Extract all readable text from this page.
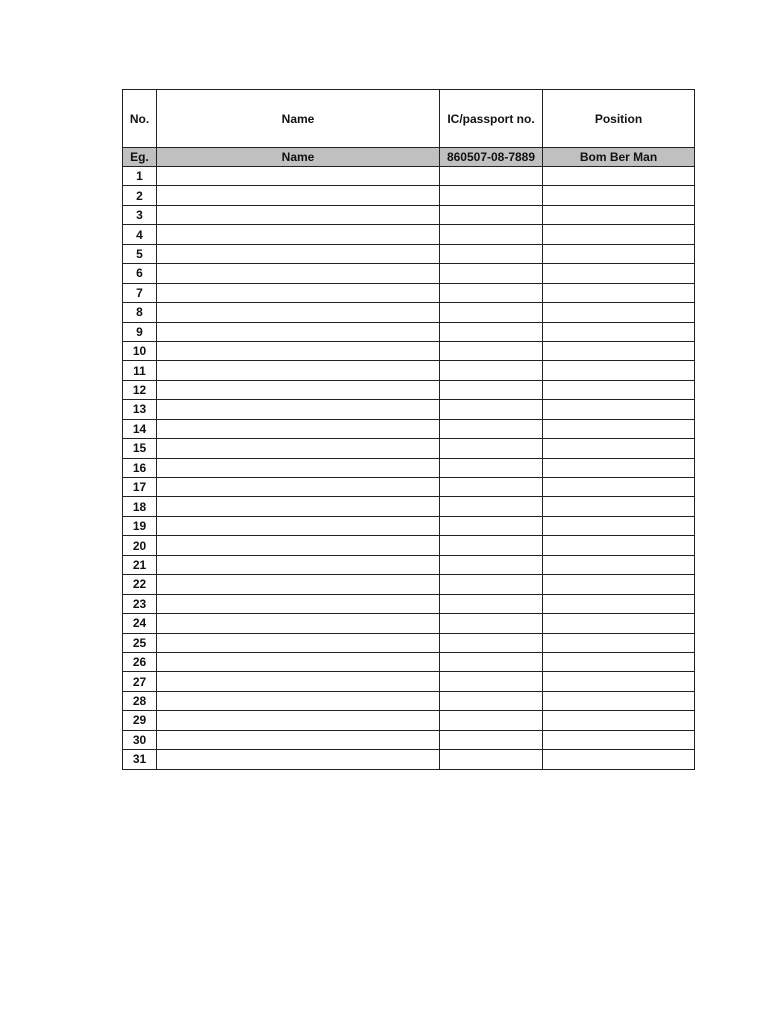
No.	Name	IC/passport no.	Position
Eg.	Name	860507-08-7889	Bom Ber Man
1			
2			
3			
4			
5			
6			
7			
8			
9			
10			
11			
12			
13			
14			
15			
16			
17			
18			
19			
20			
21			
22			
23			
24			
25			
26			
27			
28			
29			
30			
31			
